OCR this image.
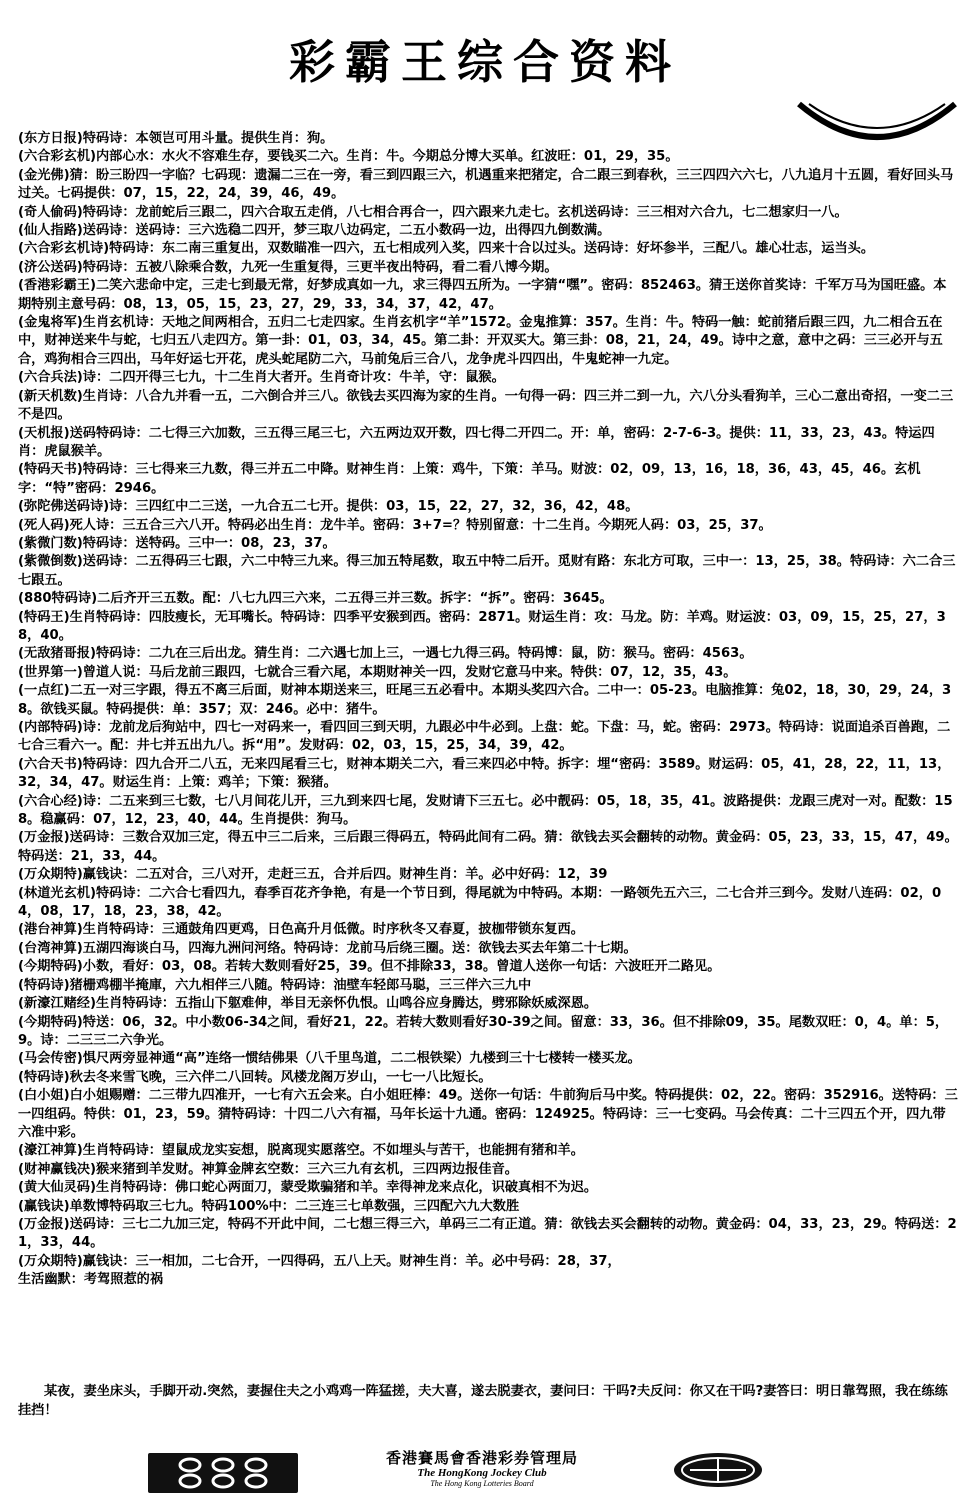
彩霸王综合资料
(东方日报)特码诗：本领岂可用斗量。提供生肖：狗。
(六合彩玄机)内部心水：水火不容难生存，要钱买二六。生肖：牛。今期总分博大买单。红波旺：01，29，35。
(金光佛)猜：盼三盼四一字临？七码现：遗漏二三在一旁，看三到四跟三六，机遇重来把猪定，合二跟三到春秋，三三四四六六七，八九追月十五圆，看好回头马过关。七码提供：07，15，22，24，39，46，49。
(奇人偷码)特码诗：龙前蛇后三跟二，四六合取五走俏，八七相合再合一，四六跟来九走七。玄机送码诗：三三相对六合九，七二想家归一八。
(仙人指路)送码诗：送码诗：三六选稳二四开，梦三取八边码定，二五小数码一边，出得四九倒数满。
(六合彩玄机诗)特码诗：东二南三重复出，双数瞄准一四六，五七相成列入奖，四来十合以过头。送码诗：好坏参半，三配八。雄心壮志，运当头。
(济公送码)特码诗：五被八除乘合数，九死一生重复得，三更半夜出特码，看二看八博今期。
(香港彩霸王)二笑六悲命中定，三走七到最无常，好梦成真如一九，求三得四五所为。一字猜“嘿”。密码：852463。猜王送你首奖诗：千军万马为国旺盛。本期特别主意号码：08，13，05，15，23，27，29，33，34，37，42，47。
(金鬼将军)生肖玄机诗：天地之间两相合，五归二七走四家。生肖玄机字“羊”1572。金鬼推算：357。生肖：牛。特码一触：蛇前猪后跟三四，九二相合五在中，财神送来牛与蛇，七归五八走四方。第一卦：01，03，34，45。第二卦：开双买大。第三卦：08，21，24，49。诗中之意，意中之码：三三必开与五合，鸡狗相合三四出，马年好运七开花，虎头蛇尾防二六，马前兔后三合八，龙争虎斗四四出，牛鬼蛇神一九定。
(六合兵法)诗：二四开得三七九，十二生肖大者开。生肖奇计攻：牛羊，守：鼠猴。
(新天机数)生肖诗：八合九并看一五，二六倒合并三八。欲钱去买四海为家的生肖。一句得一码：四三并二到一九，六八分头看狗羊，三心二意出奇招，一变二三不是四。
(天机报)送码特码诗：二七得三六加数，三五得三尾三七，六五两边双开数，四七得二开四二。开：单，密码：2-7-6-3。提供：11，33，23，43。特运四肖：虎鼠猴羊。
(特码天书)特码诗：三七得来三九数，得三并五二中降。财神生肖：上策：鸡牛，下策：羊马。财波：02，09，13，16，18，36，43，45，46。玄机字：“特”密码：2946。
(弥陀佛送码诗)诗：三四红中二三送，一九合五二七开。提供：03，15，22，27，32，36，42，48。
(死人码)死人诗：三五合三六八开。特码必出生肖：龙牛羊。密码：3+7=？特别留意：十二生肖。今期死人码：03，25，37。
(紫微门数)特码诗：送特码。三中一：08，23，37。
(紫微倒数)送码诗：二五得码三七跟，六二中特三九来。得三加五特尾数，取五中特二后开。觅财有路：东北方可取，三中一：13，25，38。特码诗：六二合三七跟五。
(880特码诗)二后齐开三五数。配：八七九四三六来，二五得三并三数。拆字：“拆”。密码：3645。
(特码王)生肖特码诗：四肢瘦长，无耳嘴长。特码诗：四季平安猴到西。密码：2871。财运生肖：攻：马龙。防：羊鸡。财运波：03，09，15，25，27，38，40。
(无敌猪哥报)特码诗：二九在三后出龙。猜生肖：二六遇七加上三，一遇七九得三码。特码博：鼠，防：猴马。密码：4563。
(世界第一)曾道人说：马后龙前三跟四，七就合三看六尾，本期财神关一四，发财它意马中来。特供：07，12，35，43。
(一点红)二五一对三字跟，得五不离三后面，财神本期送来三，旺尾三五必看中。本期头奖四六合。二中一：05-23。电脑推算：兔02，18，30，29，24，38。欲钱买鼠。特码提供：单：357；双：246。必中：猪牛。
(内部特码)诗：龙前龙后狗站中，四七一对码来一，看四回三到天明，九跟必中牛必到。上盘：蛇。下盘：马，蛇。密码：2973。特码诗：说面追杀百兽跑，二七合三看六一。配：井七并五出九八。拆“用”。发财码：02，03，15，25，34，39，42。
(六合天书)特码诗：四九合开二八五，无来四尾看三七，财神本期关二六，看三来四必中特。拆字：埋“密码：3589。财运码：05，41，28，22，11，13，32，34，47。财运生肖：上策：鸡羊；下策：猴猪。
(六合心经)诗：二五来到三七数，七八月间花儿开，三九到来四七尾，发财请下三五七。必中靓码：05，18，35，41。波路提供：龙跟三虎对一对。配数：158。稳赢码：07，12，23，40，44。生肖提供：狗马。
(万金报)送码诗：三数合双加三定，得五中三二后来，三后跟三得码五，特码此间有二码。猜：欲钱去买会翻转的动物。黄金码：05，23，33，15，47，49。特码送：21，33，44。
(万众期特)赢钱诀：二五对合，三八对开，走赶三五，合并后四。财神生肖：羊。必中好码：12，39
(林道光玄机)特码诗：二六合七看四九，春季百花齐争艳，有是一个节日到，得尾就为中特码。本期：一路领先五六三，二七合并三到今。发财八连码：02，04，08，17，18，23，38，42。
(港台神算)生肖特码诗：三通鼓角四更鸡，日色高升月低微。时序秋冬又春夏，披枷带锁东复西。
(台湾神算)五湖四海谈白马，四海九洲问河络。特码诗：龙前马后绕三圈。送：欲钱去买去年第二十七期。
(今期特码)小数，看好：03，08。若转大数则看好25，39。但不排除33，38。曾道人送你一句话：六波旺开二路见。
(特码诗)猪栅鸡棚半掩庫，六九相伴三八随。特码诗：油壁车轻郎马聪，三三伴六三九中
(新濠江赌经)生肖特码诗：五指山下躯难伸，举目无亲怀仇恨。山鸣谷应身腾达，劈邪除妖威深恩。
(今期特码)特送：06，32。中小数06-34之间，看好21，22。若转大数则看好30-39之间。留意：33，36。但不排除09，35。尾数双旺：0，4。单：5，9。诗：二三三二六争光。
(马会传密)惧尺两旁显神通“高”连络一惯结佛果（八千里鸟道，二二根铁梁）九楼到三十七楼转一楼买龙。
(特码诗)秋去冬来雪飞晚，三六伴二八回转。风楼龙阁万岁山，一七一八比短长。
(白小姐)白小姐赐赠：二三带九四准开，一七有六五会来。白小姐旺棒：49。送你一句话：牛前狗后马中奖。特码提供：02，22。密码：352916。送特码：三一四组码。特供：01，23，59。猜特码诗：十四二八六有福，马年长运十九通。密码：124925。特码诗：三一七变码。马会传真：二十三四五个开，四九带六准中彩。
(濠江神算)生肖特码诗：望鼠成龙实妄想，脱离现实愿落空。不如埋头与苦干，也能拥有猪和羊。
(财神赢钱决)猴来猪到羊发财。神算金牌玄空数：三六三九有玄机，三四两边报佳音。
(黄大仙灵码)生肖特码诗：佛口蛇心两面刀，蒙受欺骗猪和羊。幸得神龙来点化，识破真相不为迟。
(赢钱诀)单数博特码取三七九。特码100%中：二三连三七单数强，三四配六九大数胜
(万金报)送码诗：三七二九加三定，特码不开此中间，二七想三得三六，单码三二有正道。猜：欲钱去买会翻转的动物。黄金码：04，33，23，29。特码送：21，33，44。
(万众期特)赢钱诀：三一相加，二七合开，一四得码，五八上天。财神生肖：羊。必中号码：28，37，
生活幽默：考驾照惹的祸
某夜，妻坐床头，手脚开动.突然，妻握住夫之小鸡鸡一阵猛搓，夫大喜，遂去脱妻衣，妻问曰：干吗?夫反问：你又在干吗?妻答曰：明日靠驾照，我在练练挂挡！
香港賽馬會香港彩券管理局
The HongKong Jockey Club
The Hong Kong Lotteries Board
